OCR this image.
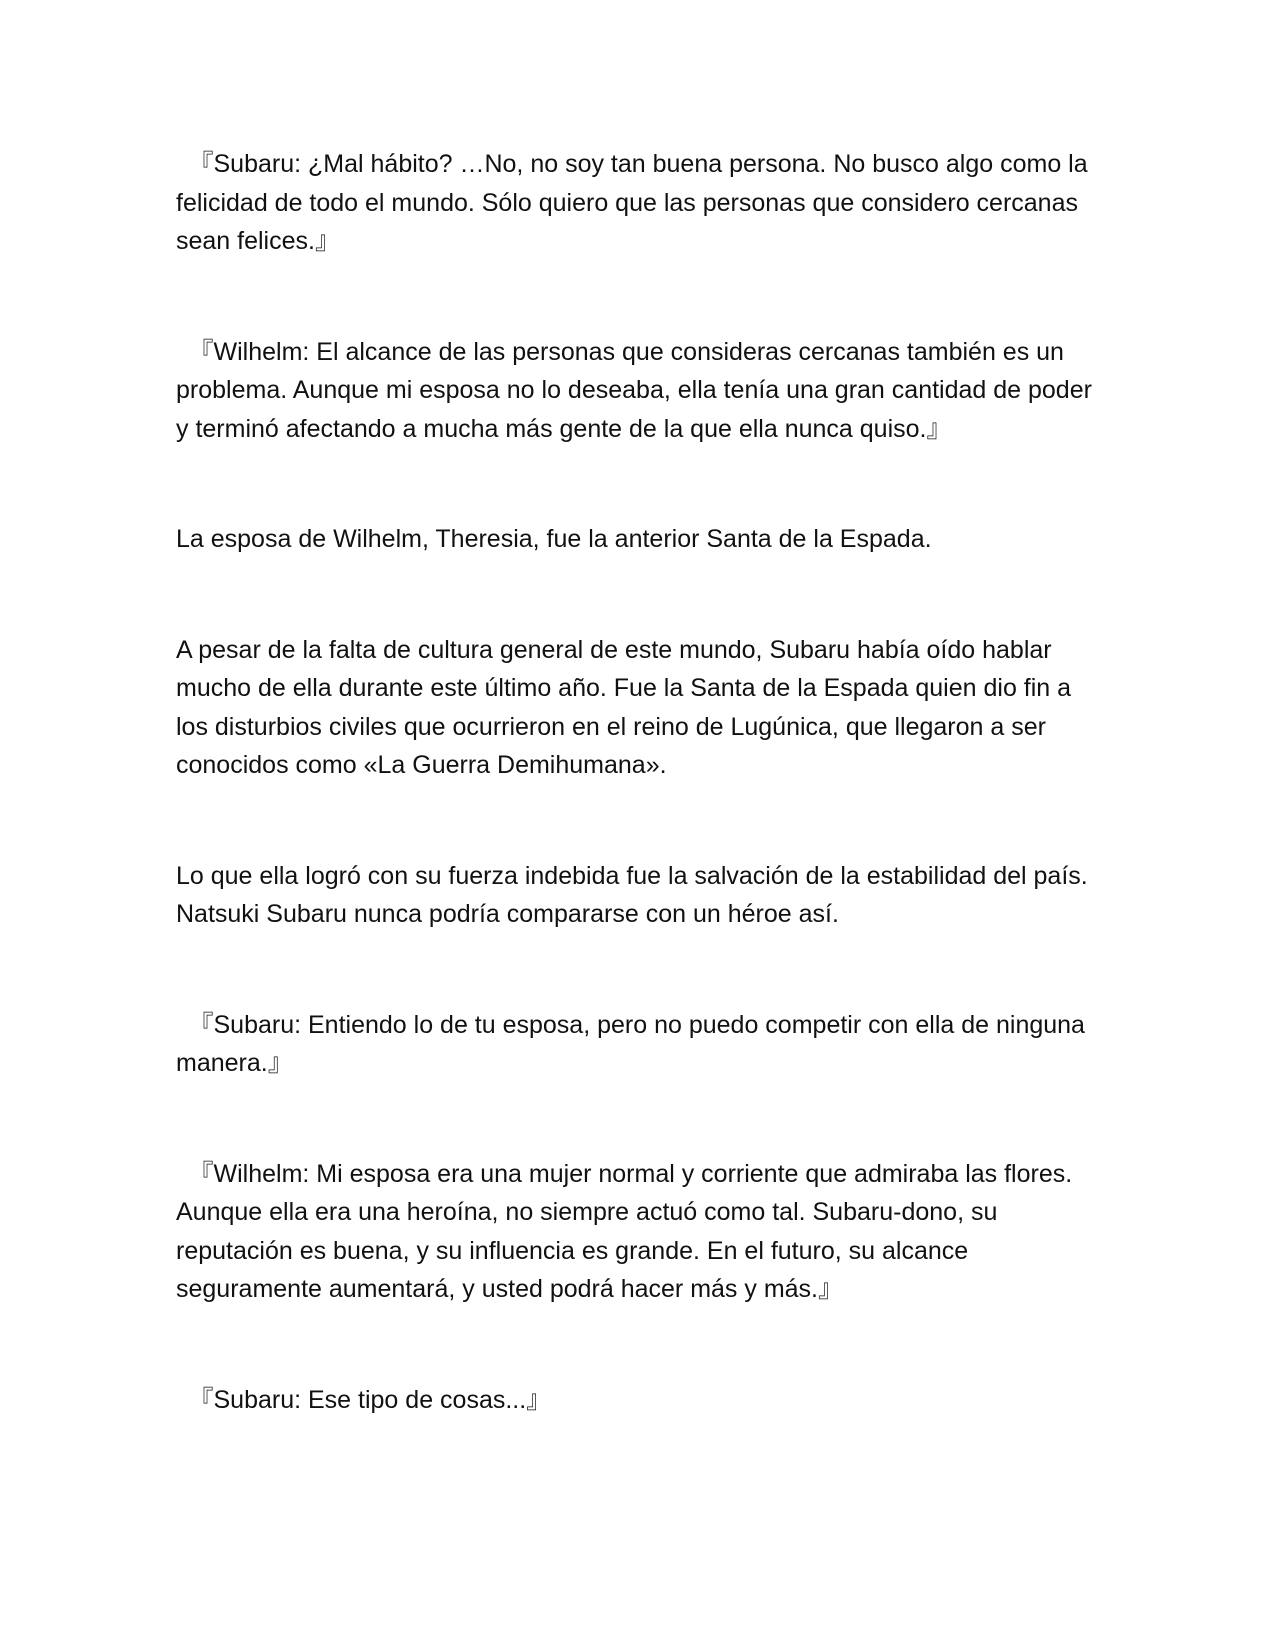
　『Subaru: ¿Mal hábito? …No, no soy tan buena persona. No busco algo como la felicidad de todo el mundo. Sólo quiero que las personas que considero cercanas sean felices.』

　『Wilhelm: El alcance de las personas que consideras cercanas también es un problema. Aunque mi esposa no lo deseaba, ella tenía una gran cantidad de poder y terminó afectando a mucha más gente de la que ella nunca quiso.』

La esposa de Wilhelm, Theresia, fue la anterior Santa de la Espada.

A pesar de la falta de cultura general de este mundo, Subaru había oído hablar mucho de ella durante este último año. Fue la Santa de la Espada quien dio fin a los disturbios civiles que ocurrieron en el reino de Lugúnica, que llegaron a ser conocidos como «La Guerra Demihumana».

Lo que ella logró con su fuerza indebida fue la salvación de la estabilidad del país. Natsuki Subaru nunca podría compararse con un héroe así.

　『Subaru: Entiendo lo de tu esposa, pero no puedo competir con ella de ninguna manera.』

　『Wilhelm: Mi esposa era una mujer normal y corriente que admiraba las flores. Aunque ella era una heroína, no siempre actuó como tal. Subaru-dono, su reputación es buena, y su influencia es grande. En el futuro, su alcance seguramente aumentará, y usted podrá hacer más y más.』

　『Subaru: Ese tipo de cosas...』
